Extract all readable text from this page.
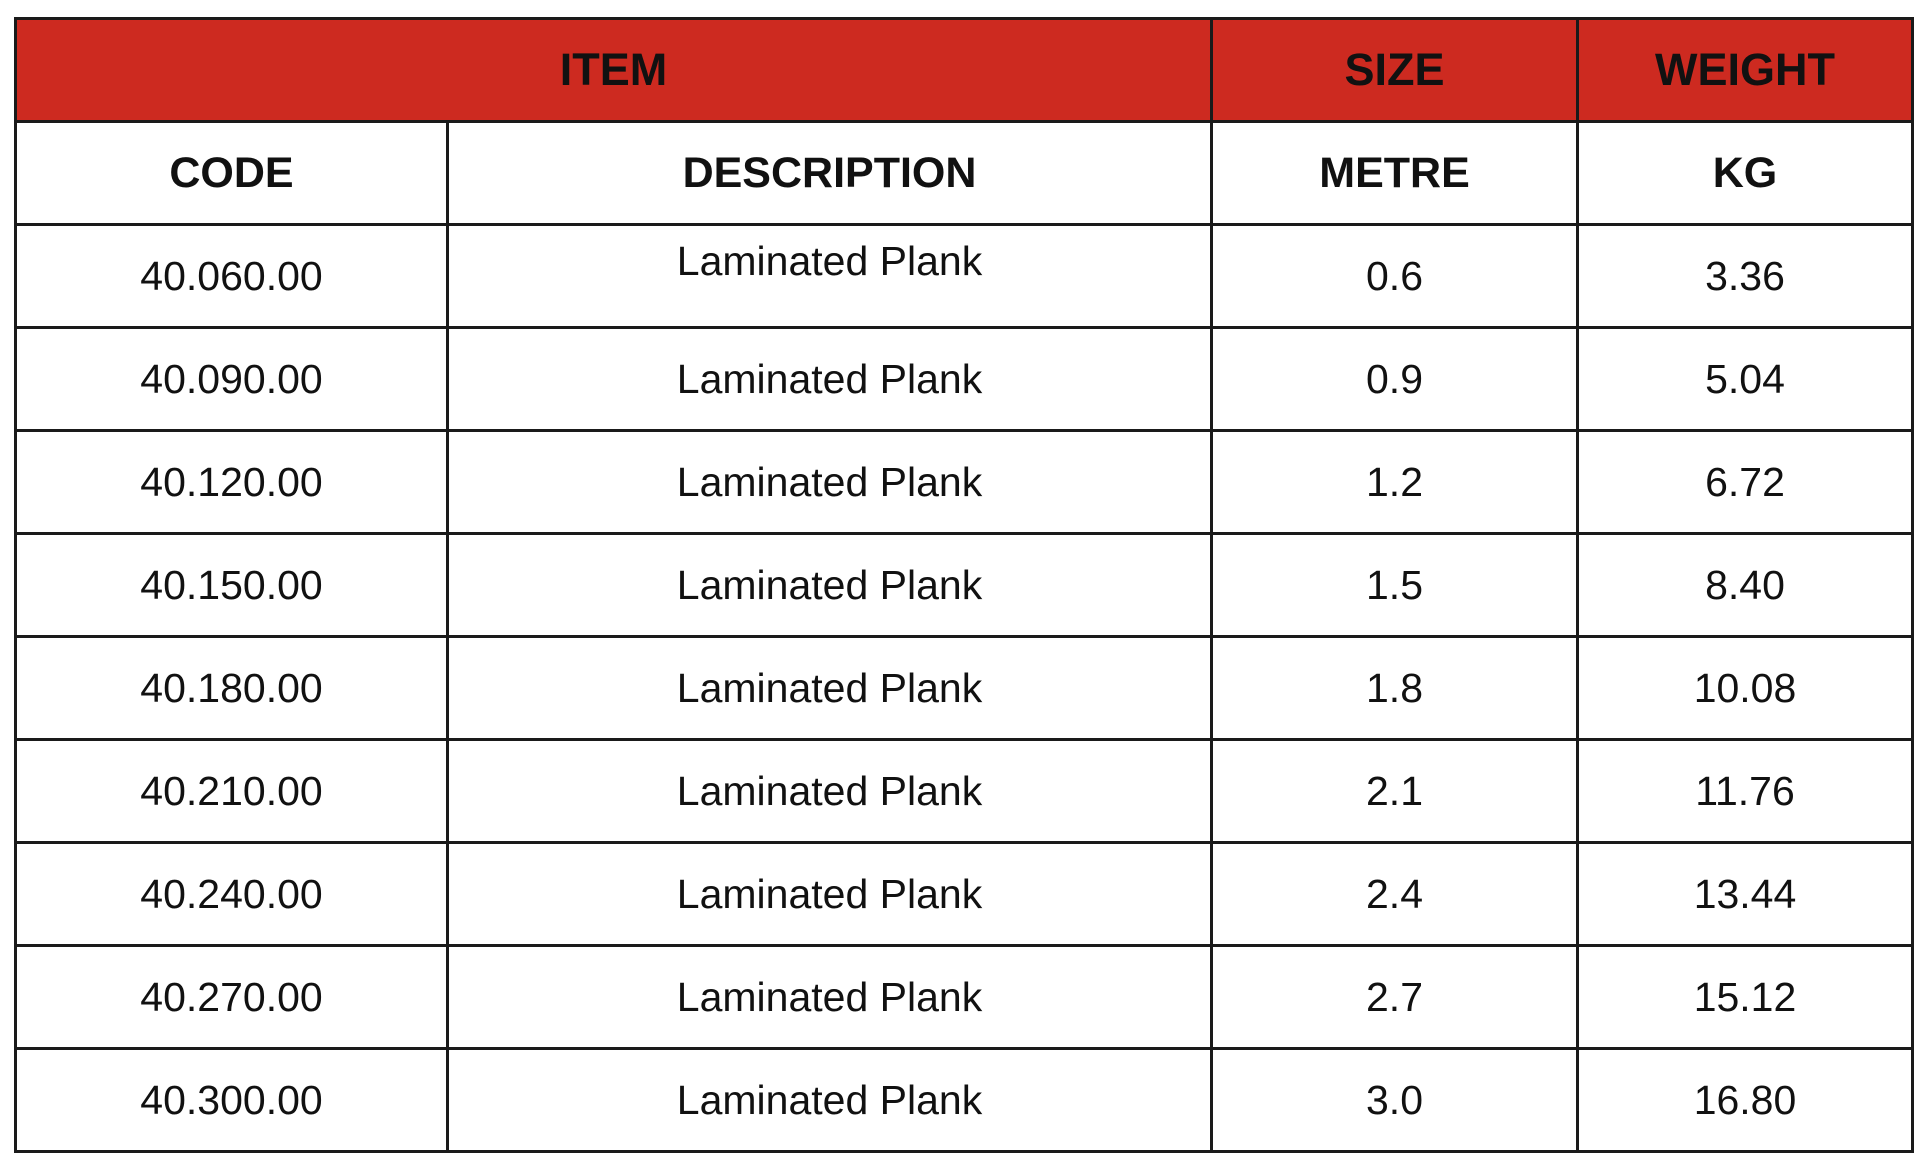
ITEM		SIZE	WEIGHT
CODE	DESCRIPTION	METRE	KG
40.060.00	Laminated Plank	0.6	3.36
40.090.00	Laminated Plank	0.9	5.04
40.120.00	Laminated Plank	1.2	6.72
40.150.00	Laminated Plank	1.5	8.40
40.180.00	Laminated Plank	1.8	10.08
40.210.00	Laminated Plank	2.1	11.76
40.240.00	Laminated Plank	2.4	13.44
40.270.00	Laminated Plank	2.7	15.12
40.300.00	Laminated Plank	3.0	16.80
